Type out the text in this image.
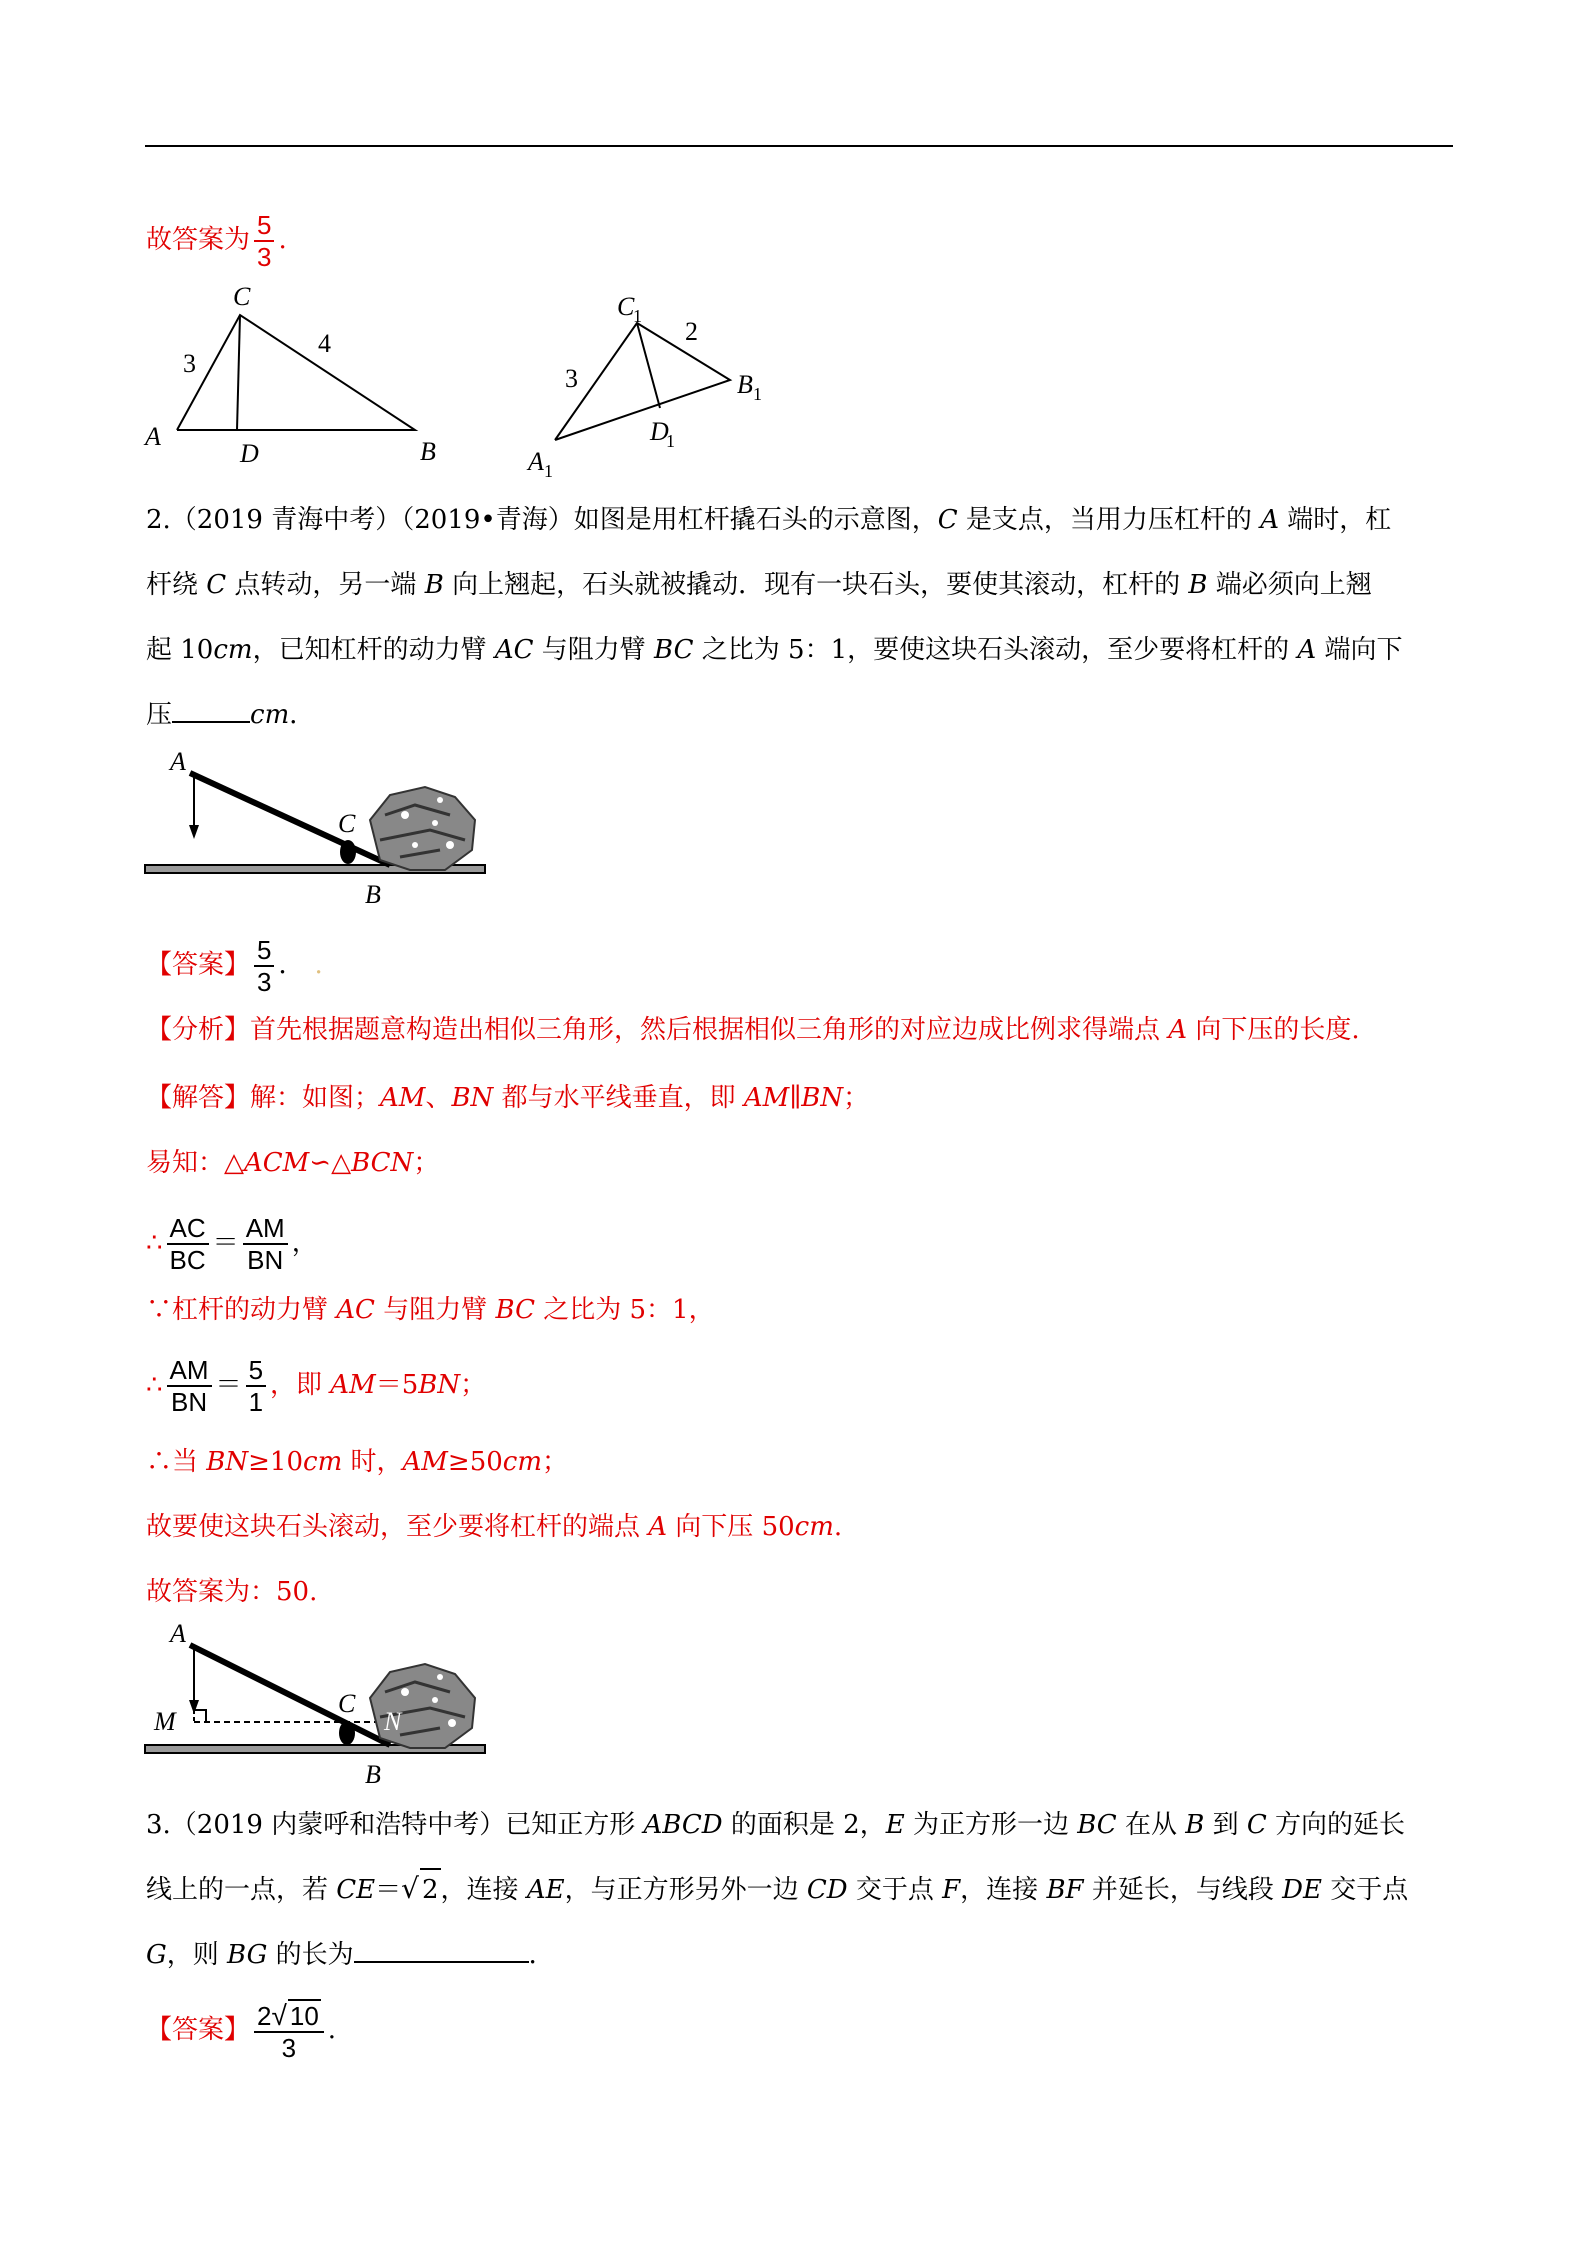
故答案为 $\frac{5}{3}$ .
C
A
D	B
3
4
C
1
B 1
A 1
D
1
3
2
2.（2019 青海中考）（2019•青海）如图是用杠杆撬石头的示意图，C 是支点，当用力压杠杆的 A 端时，杠
杆绕 C 点转动，另一端 B 向上翘起，石头就被撬动．现有一块石头，要使其滚动，杠杆的 B 端必须向上翘
起 10cm，已知杠杆的动力臂 AC 与阻力臂 BC 之比为 5：1，要使这块石头滚动，至少要将杠杆的 A 端向下
压	cm．
A
C
B
【答案】 $\frac{5}{3}$ ． .
【分析】首先根据题意构造出相似三角形，然后根据相似三角形的对应边成比例求得端点 A 向下压的长度.
【解答】解：如图；AM、BN 都与水平线垂直，即 AM∥BN；
易知：△ACM∽△BCN；
∴ $\frac{AC}{BC} = \frac{AM}{BN}$ ，
∵杠杆的动力臂 AC 与阻力臂 BC 之比为 5：1，
∴ $\frac{AM}{BN} = \frac{5}{1}$ ，即 AM＝5BN；
∴当 BN≥10cm 时，AM≥50cm；
故要使这块石头滚动，至少要将杠杆的端点 A 向下压 50cm.
故答案为：50.
A
M
C
N
B
3.（2019 内蒙呼和浩特中考）已知正方形 ABCD 的面积是 2，E 为正方形一边 BC 在从 B 到 C 方向的延长
线上的一点，若 CE＝√ 2，连接 AE，与正方形另外一边 CD 交于点 F，连接 BF 并延长，与线段 DE 交于点
G，则 BG 的长为	．
【答案】 $\frac{2√ 10}{3}$ .
